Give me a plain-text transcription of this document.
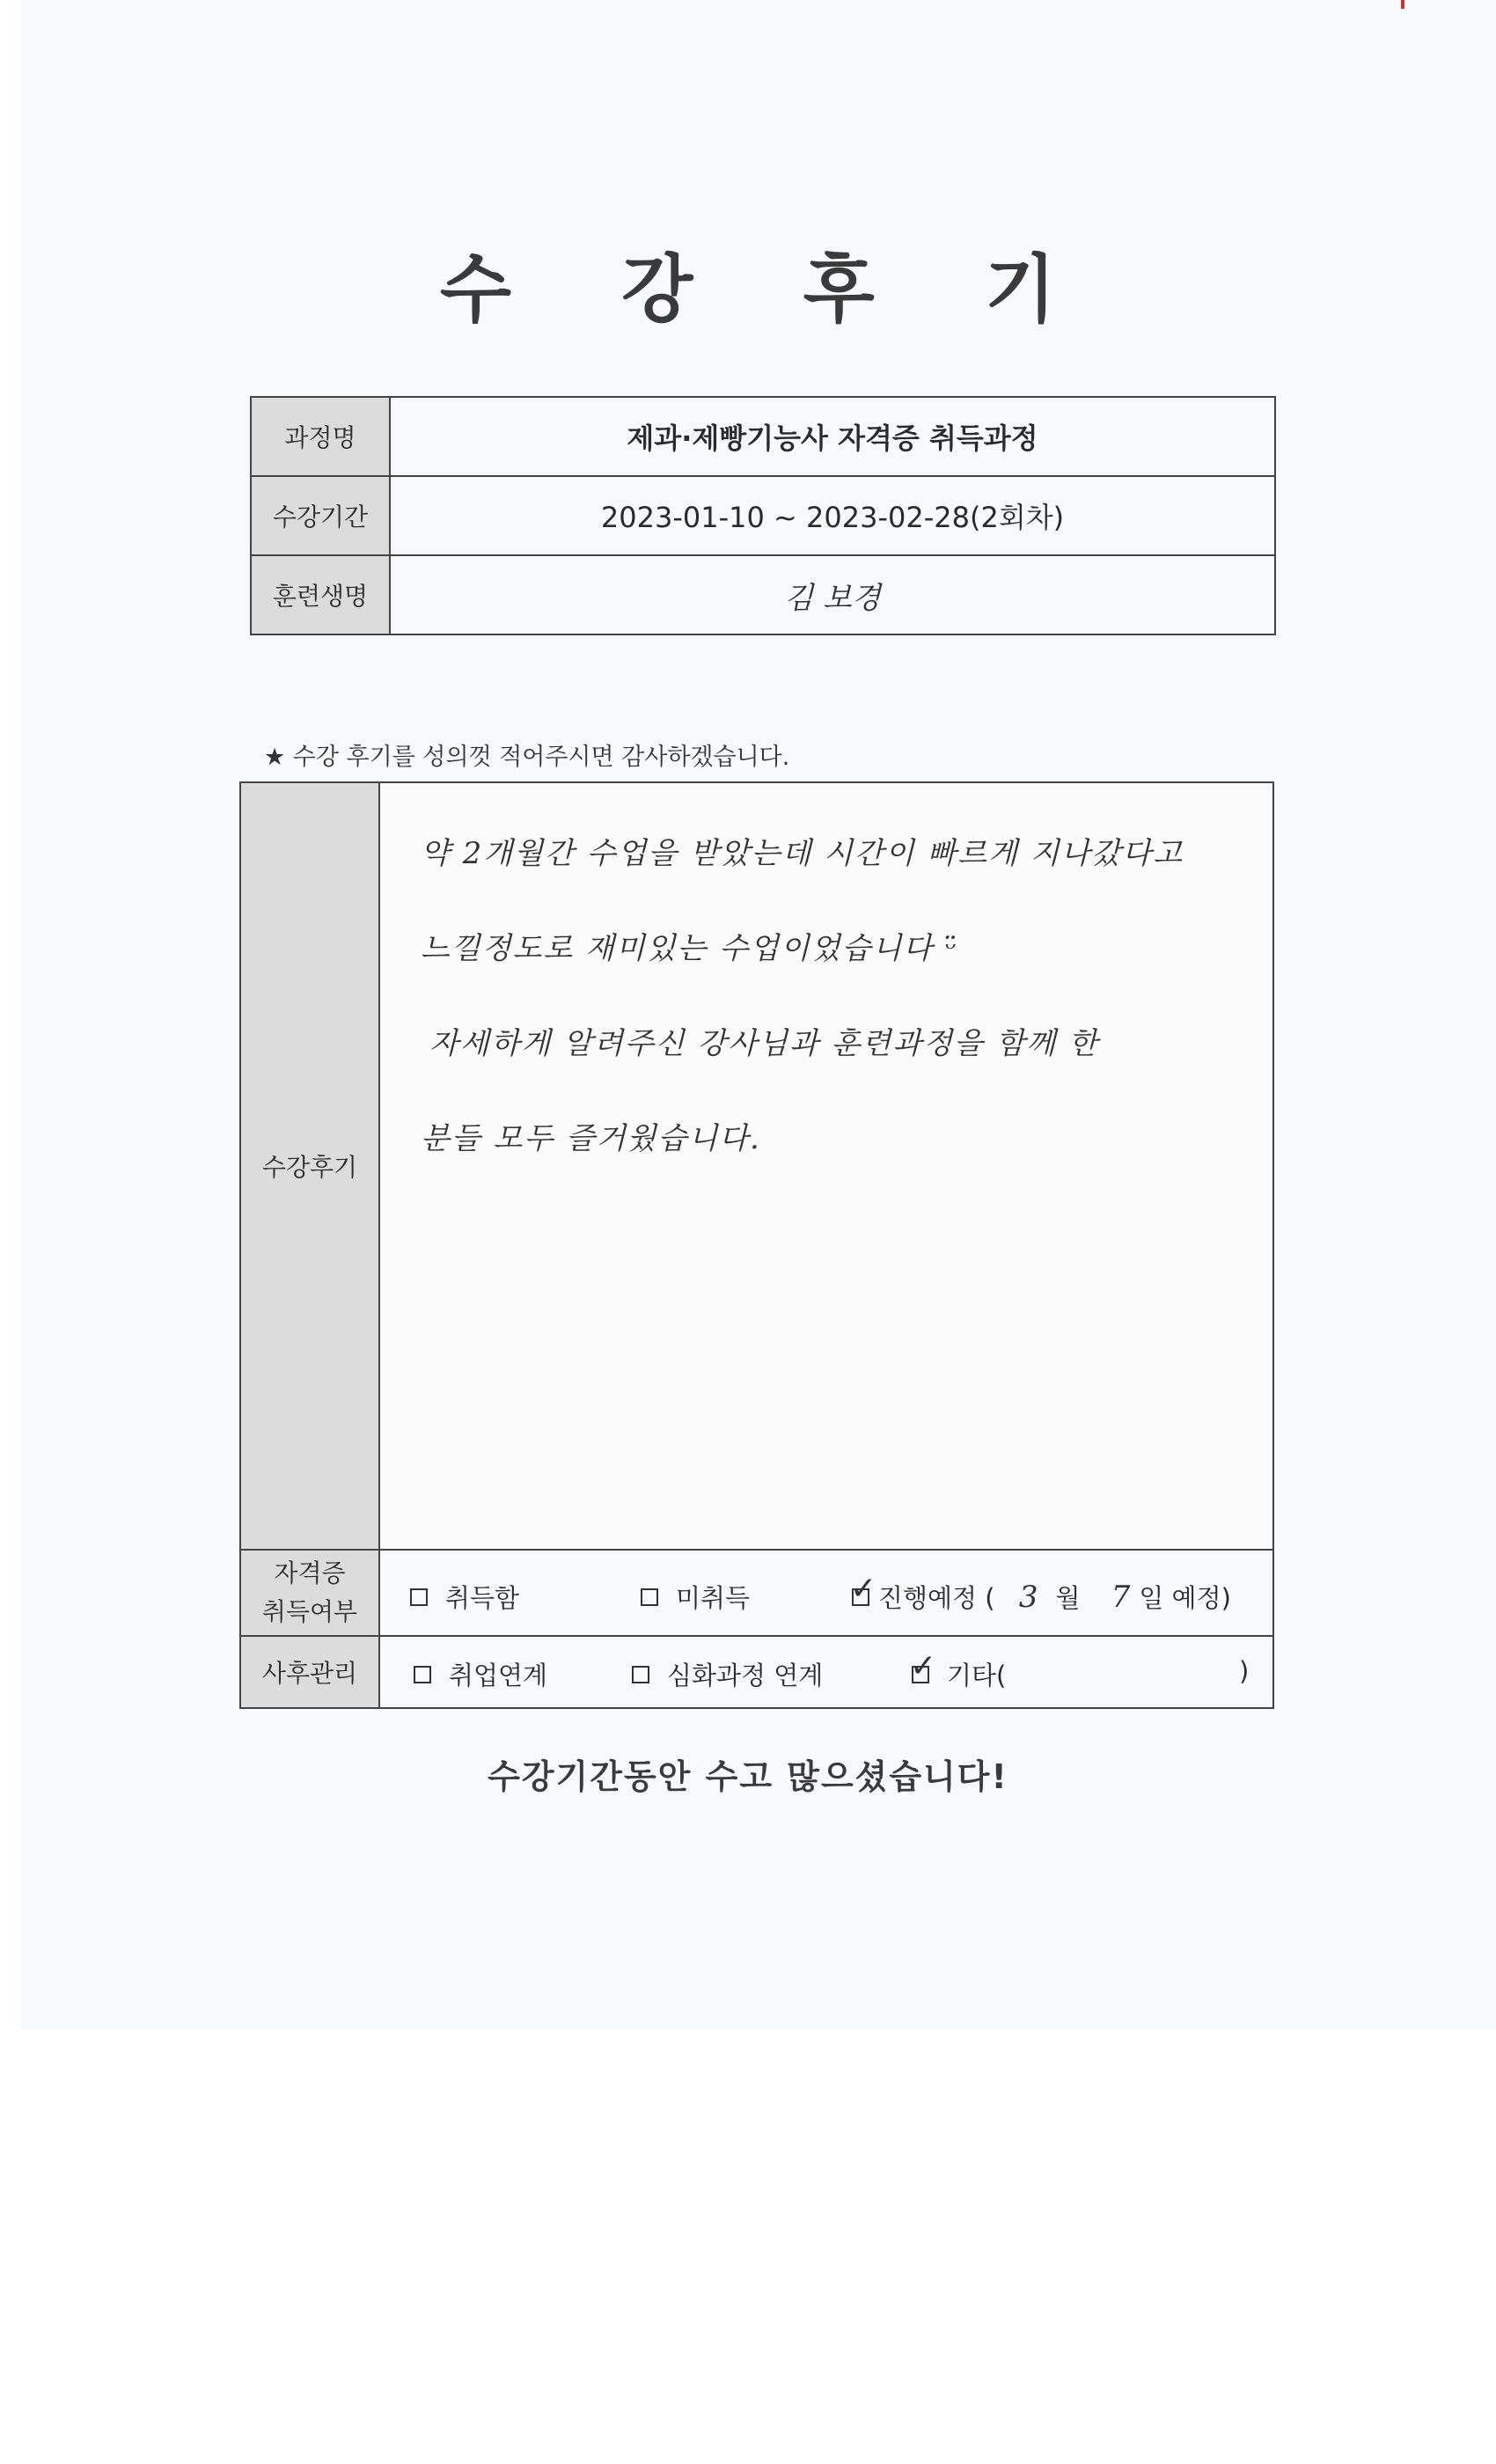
수 강 후 기
과정명	제과·제빵기능사 자격증 취득과정
수강기간	2023-01-10 ~ 2023-02-28(2회차)
훈련생명	김 보경
★ 수강 후기를 성의껏 적어주시면 감사하겠습니다.
수강후기	약 2개월간 수업을 받았는데 시간이 빠르게 지나갔다고
느낄정도로 재미있는 수업이었습니다 ᵕ̈
자세하게 알려주신 강사님과 훈련과정을 함께 한
분들 모두 즐거웠습니다.

자격증
취득여부	취득함 미취득 ✓ 진행예정 ( 3 월 7 일 예정)

사후관리	취업연계 심화과정 연계 ✓ 기타( )
수강기간동안 수고 많으셨습니다!
